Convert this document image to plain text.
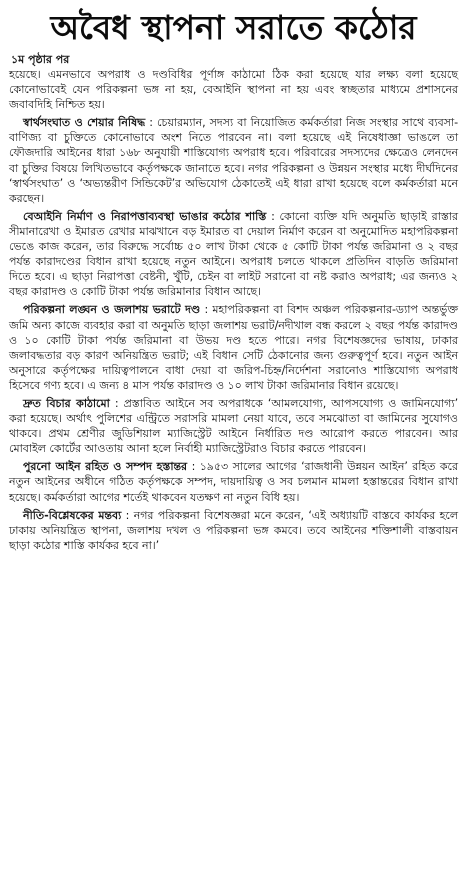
অবৈধ স্থাপনা সরাতে কঠোর
১ম পৃষ্ঠার পর

হয়েছে। এমনভাবে অপরাধ ও দণ্ডবিধির পূর্ণাঙ্গ কাঠামো ঠিক করা হয়েছে যার লক্ষ্য বলা হয়েছে কোনোভাবেই যেন পরিকল্পনা ভঙ্গ না হয়, বেআইনি স্থাপনা না হয় এবং স্বচ্ছতার মাধ্যমে প্রশাসনের জবাবদিহি নিশ্চিত হয়।

স্বার্থসংঘাত ও শেয়ার নিষিদ্ধ : চেয়ারম্যান, সদস্য বা নিয়োজিত কর্মকর্তারা নিজ সংস্থার সাথে ব্যবসা-বাণিজ্য বা চুক্তিতে কোনোভাবে অংশ নিতে পারবেন না। বলা হয়েছে এই নিষেধাজ্ঞা ভাঙলে তা ফৌজদারি আইনের ধারা ১৬৮ অনুযায়ী শাস্তিযোগ্য অপরাধ হবে। পরিবারের সদস্যদের ক্ষেত্রেও লেনদেন বা চুক্তির বিষয়ে লিখিতভাবে কর্তৃপক্ষকে জানাতে হবে। নগর পরিকল্পনা ও উন্নয়ন সংস্থার মধ্যে দীর্ঘদিনের ‘স্বার্থসংঘাত’ ও ‘অভ্যন্তরীণ সিন্ডিকেট’র অভিযোগ ঠেকাতেই এই ধারা রাখা হয়েছে বলে কর্মকর্তারা মনে করছেন।

বেআইনি নির্মাণ ও নিরাপত্তাব্যবস্থা ভাঙার কঠোর শাস্তি : কোনো ব্যক্তি যদি অনুমতি ছাড়াই রাস্তার সীমানারেখা ও ইমারত রেখার মাঝখানে বড় ইমারত বা দেয়াল নির্মাণ করেন বা অনুমোদিত মহাপরিকল্পনা ভেঙে কাজ করেন, তার বিরুদ্ধে সর্বোচ্চ ৫০ লাখ টাকা থেকে ৫ কোটি টাকা পর্যন্ত জরিমানা ও ২ বছর পর্যন্ত কারাদণ্ডের বিধান রাখা হয়েছে নতুন আইনে। অপরাধ চলতে থাকলে প্রতিদিন বাড়তি জরিমানা দিতে হবে। এ ছাড়া নিরাপত্তা বেষ্টনী, খুঁটি, চেইন বা লাইট সরানো বা নষ্ট করাও অপরাধ; এর জন্যও ২ বছর কারাদণ্ড ও কোটি টাকা পর্যন্ত জরিমানার বিধান আছে।

পরিকল্পনা লঙ্ঘন ও জলাশয় ভরাটে দণ্ড : মহাপরিকল্পনা বা বিশদ অঞ্চল পরিকল্পনার-ড্যাপ অন্তর্ভুক্ত জমি অন্য কাজে ব্যবহার করা বা অনুমতি ছাড়া জলাশয় ভরাট/নদীখাল বন্ধ করলে ২ বছর পর্যন্ত কারাদণ্ড ও ১০ কোটি টাকা পর্যন্ত জরিমানা বা উভয় দণ্ড হতে পারে। নগর বিশেষজ্ঞদের ভাষায়, ঢাকার জলাবদ্ধতার বড় কারণ অনিয়ন্ত্রিত ভরাট; এই বিধান সেটি ঠেকানোর জন্য গুরুত্বপূর্ণ হবে। নতুন আইন অনুসারে কর্তৃপক্ষের দায়িত্বপালনে বাধা দেয়া বা জরিপ-চিহ্ন/নির্দেশনা সরানোও শাস্তিযোগ্য অপরাধ হিসেবে গণ্য হবে। এ জন্য ৪ মাস পর্যন্ত কারাদণ্ড ও ১০ লাখ টাকা জরিমানার বিধান রয়েছে।

দ্রুত বিচার কাঠামো : প্রস্তাবিত আইনে সব অপরাধকে ‘আমলযোগ্য, আপসযোগ্য ও জামিনযোগ্য’ করা হয়েছে। অর্থাৎ পুলিশের এন্ট্রিতে সরাসরি মামলা নেয়া যাবে, তবে সমঝোতা বা জামিনের সুযোগও থাকবে। প্রথম শ্রেণীর জুডিশিয়াল ম্যাজিস্ট্রেট আইনে নির্ধারিত দণ্ড আরোপ করতে পারবেন। আর মোবাইল কোর্টের আওতায় আনা হলে নির্বাহী ম্যাজিস্ট্রেটরাও বিচার করতে পারবেন।

পুরনো আইন রহিত ও সম্পদ হস্তান্তর : ১৯৫৩ সালের আগের ‘রাজধানী উন্নয়ন আইন’ রহিত করে নতুন আইনের অধীনে গঠিত কর্তৃপক্ষকে সম্পদ, দায়দায়িত্ব ও সব চলমান মামলা হস্তান্তরের বিধান রাখা হয়েছে। কর্মকর্তারা আগের শর্তেই থাকবেন যতক্ষণ না নতুন বিধি হয়।

নীতি-বিশ্লেষকের মন্তব্য : নগর পরিকল্পনা বিশেষজ্ঞরা মনে করেন, ‘এই অধ্যায়টি বাস্তবে কার্যকর হলে ঢাকায় অনিয়ন্ত্রিত স্থাপনা, জলাশয় দখল ও পরিকল্পনা ভঙ্গ কমবে। তবে আইনের শক্তিশালী বাস্তবায়ন ছাড়া কঠোর শাস্তি কার্যকর হবে না।’
